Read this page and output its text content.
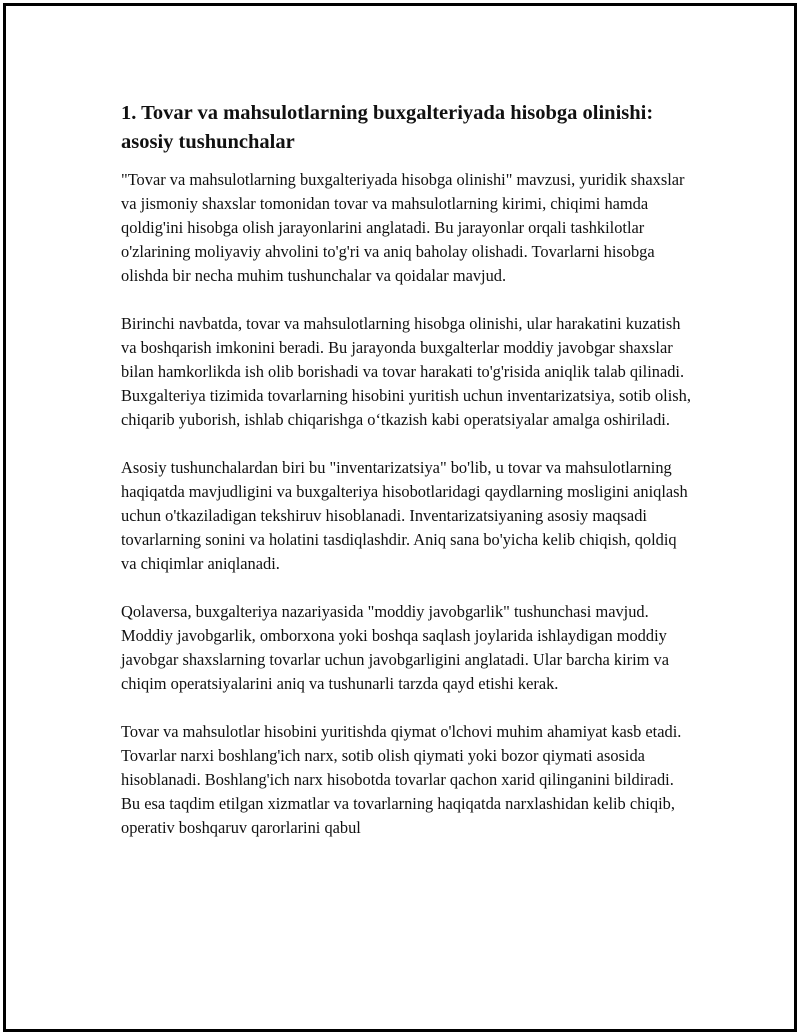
1. Tovar va mahsulotlarning buxgalteriyada hisobga olinishi: asosiy tushunchalar

"Tovar va mahsulotlarning buxgalteriyada hisobga olinishi" mavzusi, yuridik shaxslar va jismoniy shaxslar tomonidan tovar va mahsulotlarning kirimi, chiqimi hamda qoldig'ini hisobga olish jarayonlarini anglatadi. Bu jarayonlar orqali tashkilotlar o'zlarining moliyaviy ahvolini to'g'ri va aniq baholay olishadi. Tovarlarni hisobga olishda bir necha muhim tushunchalar va qoidalar mavjud.

Birinchi navbatda, tovar va mahsulotlarning hisobga olinishi, ular harakatini kuzatish va boshqarish imkonini beradi. Bu jarayonda buxgalterlar moddiy javobgar shaxslar bilan hamkorlikda ish olib borishadi va tovar harakati to'g'risida aniqlik talab qilinadi. Buxgalteriya tizimida tovarlarning hisobini yuritish uchun inventarizatsiya, sotib olish, chiqarib yuborish, ishlab chiqarishga o‘tkazish kabi operatsiyalar amalga oshiriladi.

Asosiy tushunchalardan biri bu "inventarizatsiya" bo'lib, u tovar va mahsulotlarning haqiqatda mavjudligini va buxgalteriya hisobotlaridagi qaydlarning mosligini aniqlash uchun o'tkaziladigan tekshiruv hisoblanadi. Inventarizatsiyaning asosiy maqsadi tovarlarning sonini va holatini tasdiqlashdir. Aniq sana bo'yicha kelib chiqish, qoldiq va chiqimlar aniqlanadi.

Qolaversa, buxgalteriya nazariyasida "moddiy javobgarlik" tushunchasi mavjud. Moddiy javobgarlik, omborxona yoki boshqa saqlash joylarida ishlaydigan moddiy javobgar shaxslarning tovarlar uchun javobgarligini anglatadi. Ular barcha kirim va chiqim operatsiyalarini aniq va tushunarli tarzda qayd etishi kerak.

Tovar va mahsulotlar hisobini yuritishda qiymat o'lchovi muhim ahamiyat kasb etadi. Tovarlar narxi boshlang'ich narx, sotib olish qiymati yoki bozor qiymati asosida hisoblanadi. Boshlang'ich narx hisobotda tovarlar qachon xarid qilinganini bildiradi. Bu esa taqdim etilgan xizmatlar va tovarlarning haqiqatda narxlashidan kelib chiqib, operativ boshqaruv qarorlarini qabul
